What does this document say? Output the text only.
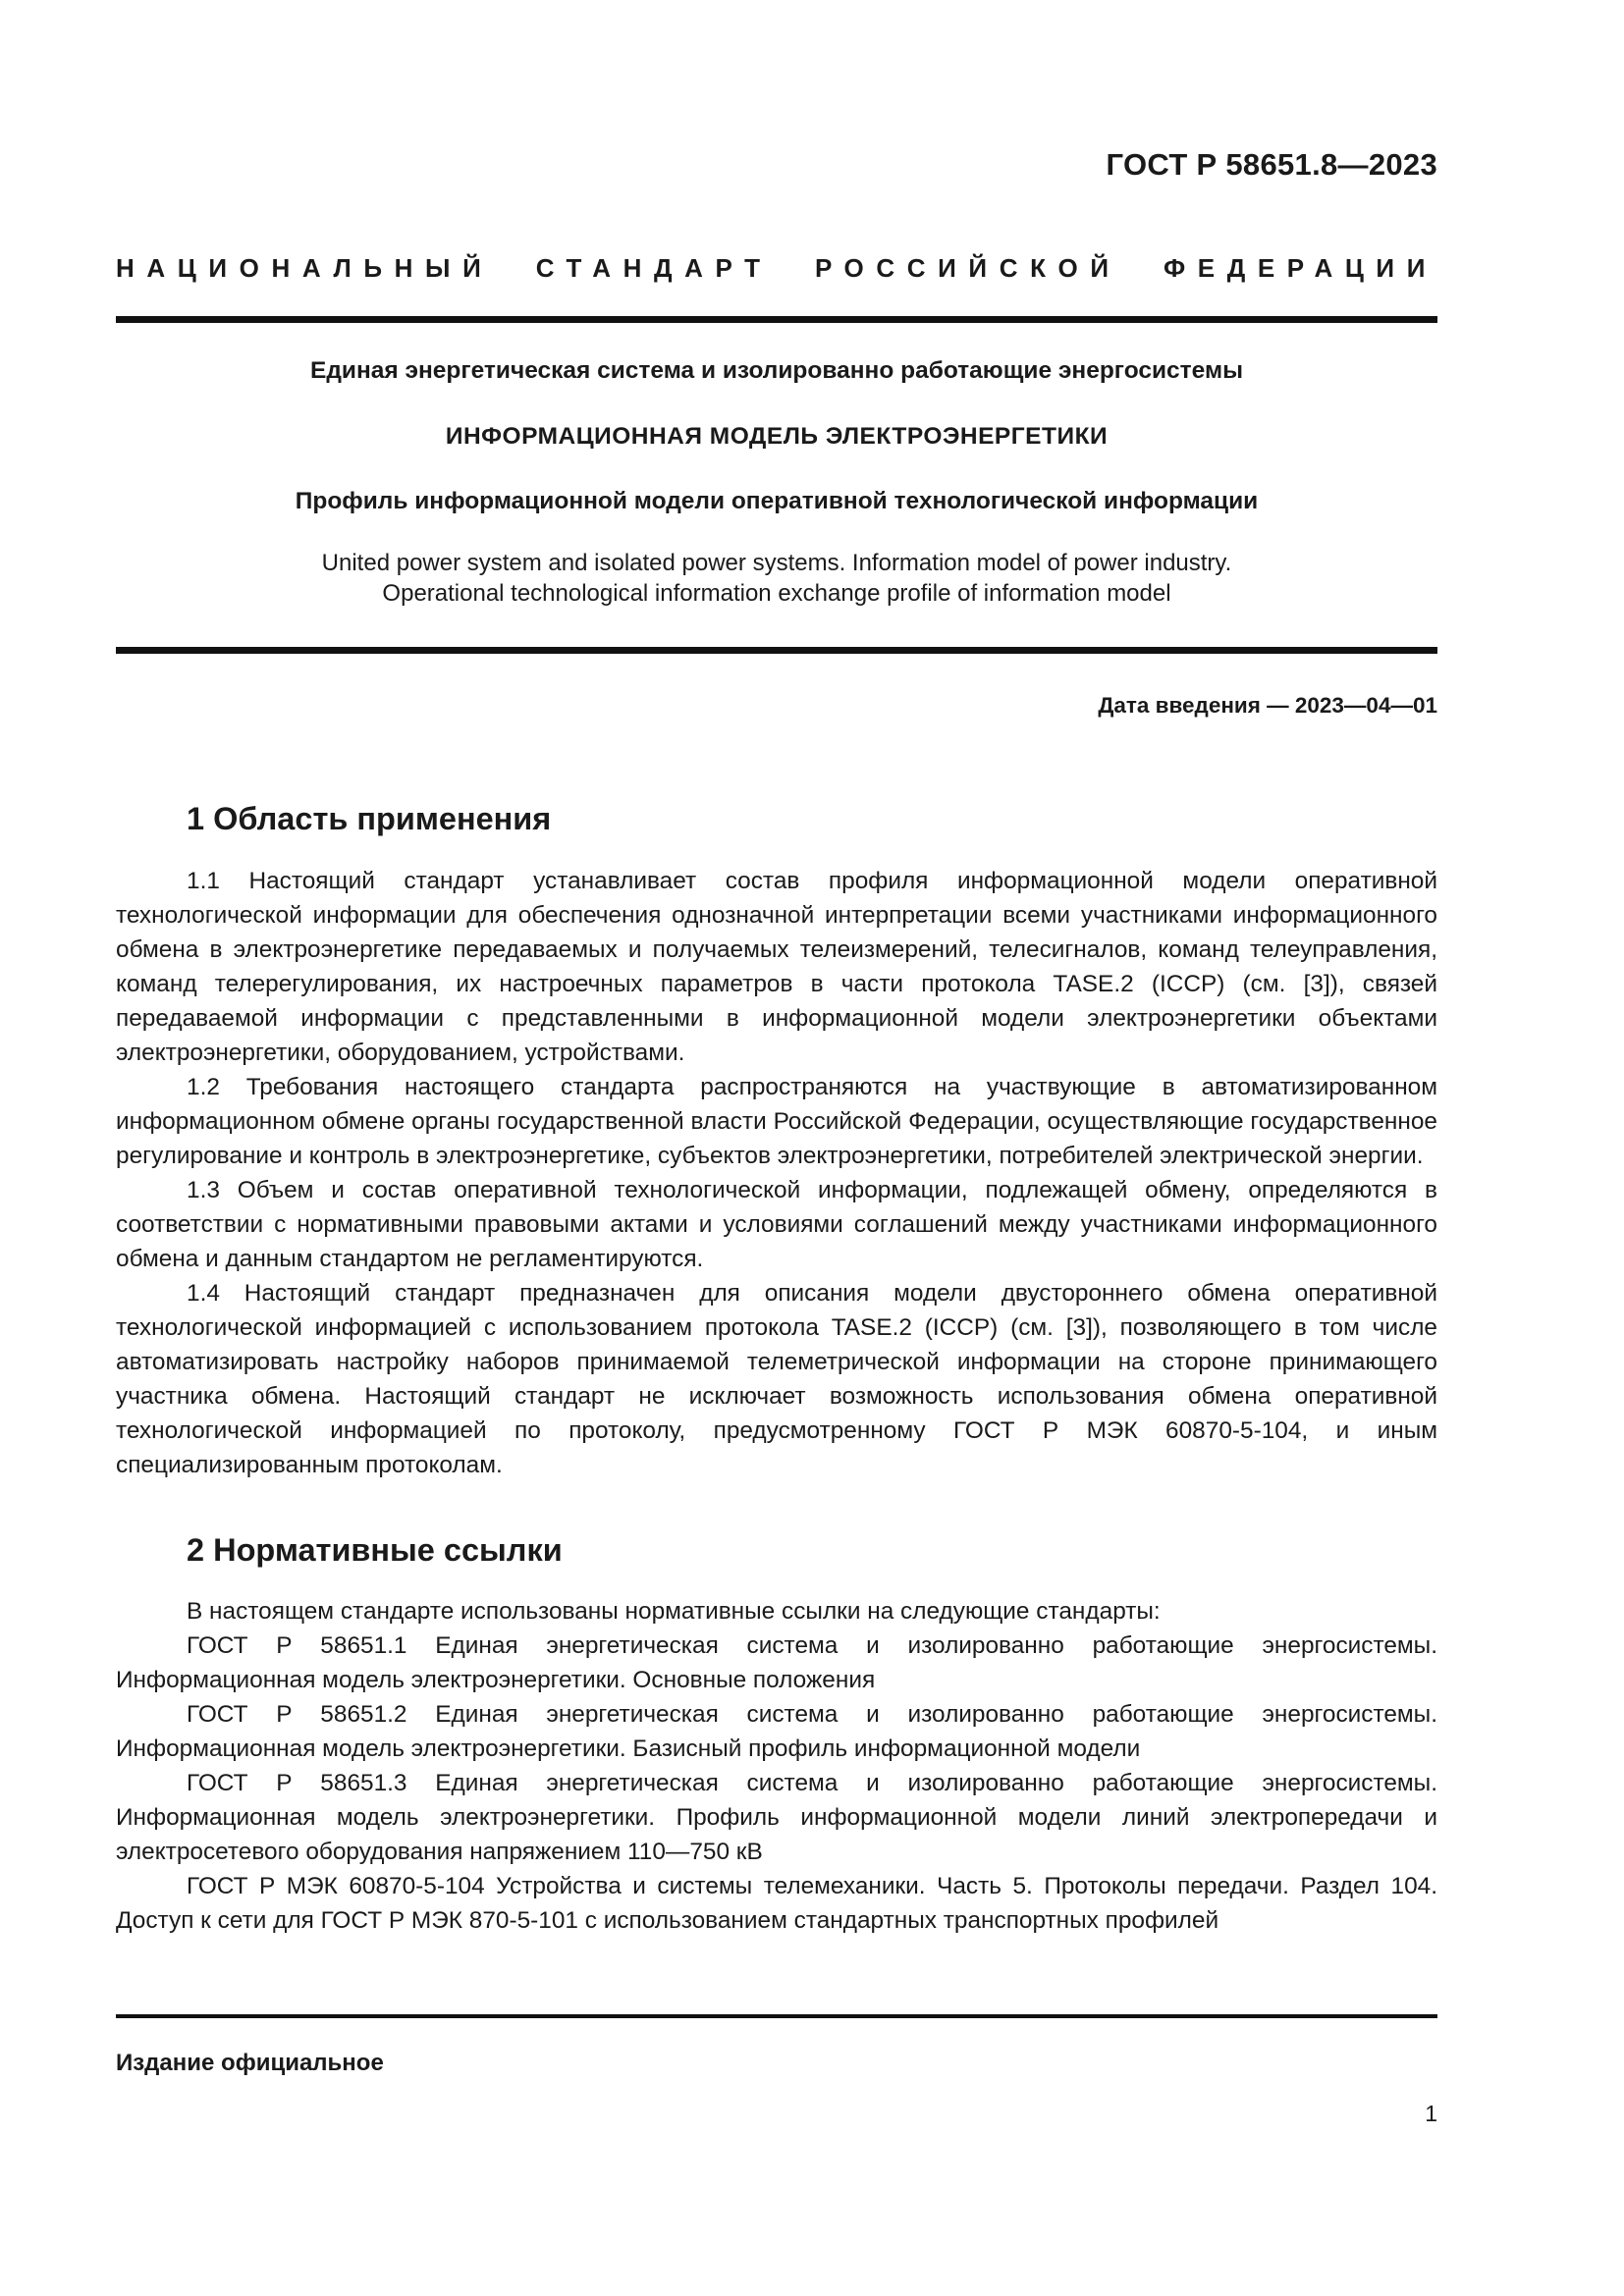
ГОСТ Р 58651.8—2023
НАЦИОНАЛЬНЫЙ СТАНДАРТ РОССИЙСКОЙ ФЕДЕРАЦИИ
Единая энергетическая система и изолированно работающие энергосистемы
ИНФОРМАЦИОННАЯ МОДЕЛЬ ЭЛЕКТРОЭНЕРГЕТИКИ
Профиль информационной модели оперативной технологической информации
United power system and isolated power systems. Information model of power industry.
Operational technological information exchange profile of information model
Дата введения — 2023—04—01
1 Область применения

1.1 Настоящий стандарт устанавливает состав профиля информационной модели оперативной технологической информации для обеспечения однозначной интерпретации всеми участниками информационного обмена в электроэнергетике передаваемых и получаемых телеизмерений, телесигналов, команд телеуправления, команд телерегулирования, их настроечных параметров в части протокола TASE.2 (ICCP) (см. [3]), связей передаваемой информации с представленными в информационной модели электроэнергетики объектами электроэнергетики, оборудованием, устройствами.

1.2 Требования настоящего стандарта распространяются на участвующие в автоматизированном информационном обмене органы государственной власти Российской Федерации, осуществляющие государственное регулирование и контроль в электроэнергетике, субъектов электроэнергетики, потребителей электрической энергии.

1.3 Объем и состав оперативной технологической информации, подлежащей обмену, определяются в соответствии с нормативными правовыми актами и условиями соглашений между участниками информационного обмена и данным стандартом не регламентируются.

1.4 Настоящий стандарт предназначен для описания модели двустороннего обмена оперативной технологической информацией с использованием протокола TASE.2 (ICCP) (см. [3]), позволяющего в том числе автоматизировать настройку наборов принимаемой телеметрической информации на стороне принимающего участника обмена. Настоящий стандарт не исключает возможность использования обмена оперативной технологической информацией по протоколу, предусмотренному ГОСТ Р МЭК 60870-5-104, и иным специализированным протоколам.

2 Нормативные ссылки

В настоящем стандарте использованы нормативные ссылки на следующие стандарты:

ГОСТ Р 58651.1 Единая энергетическая система и изолированно работающие энергосистемы. Информационная модель электроэнергетики. Основные положения

ГОСТ Р 58651.2 Единая энергетическая система и изолированно работающие энергосистемы. Информационная модель электроэнергетики. Базисный профиль информационной модели

ГОСТ Р 58651.3 Единая энергетическая система и изолированно работающие энергосистемы. Информационная модель электроэнергетики. Профиль информационной модели линий электропередачи и электросетевого оборудования напряжением 110—750 кВ

ГОСТ Р МЭК 60870-5-104 Устройства и системы телемеханики. Часть 5. Протоколы передачи. Раздел 104. Доступ к сети для ГОСТ Р МЭК 870-5-101 с использованием стандартных транспортных профилей

Издание официальное
1
